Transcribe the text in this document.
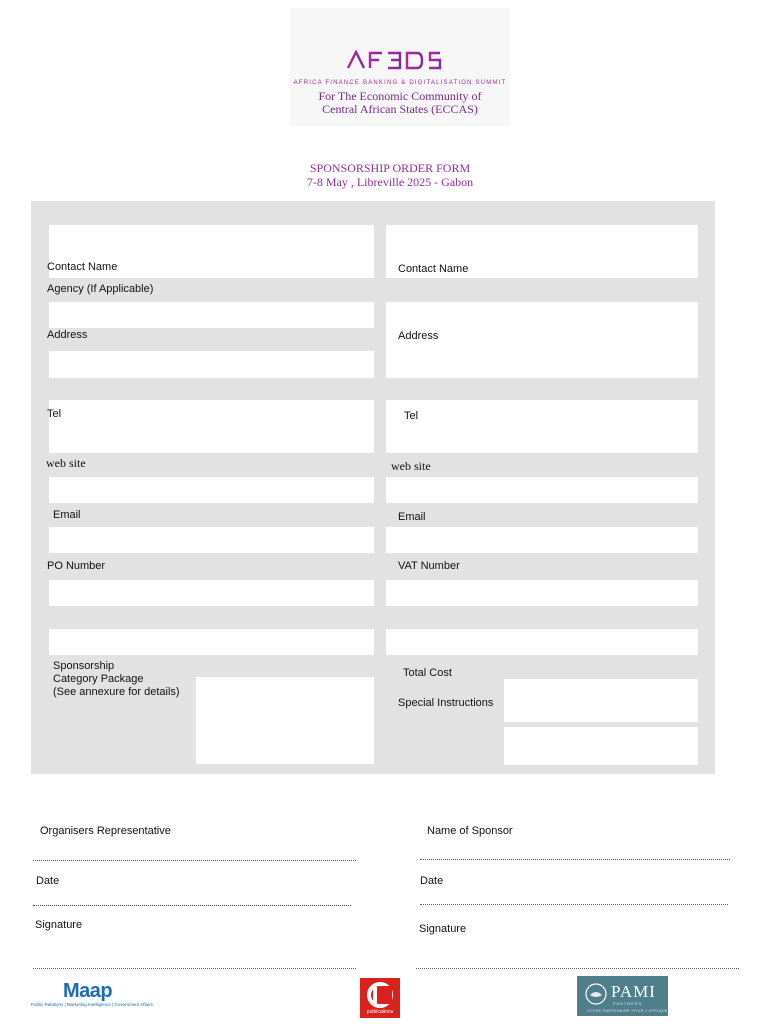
AFRICA FINANCE BANKING & DIGITALISATION SUMMIT
For The Economic Community of
Central African States (ECCAS)
SPONSORSHIP ORDER FORM
7-8 May , Libreville 2025 - Gabon
Contact Name
Agency (If Applicable)
Address
Tel
web site
Email
PO Number
Sponsorship
Category Package
(See annexure for details)
Contact Name
Address
Tel
web site
Email
VAT Number
Total Cost
Special Instructions
Organisers Representative
Date
Signature
Name of Sponsor
Date
Signature
Maap
Public Relations | Marketing Intelligence | Government Affairs
publications
PAMI
PARTNERS
VOTRE PARTENAIRE POUR L'AFRIQUE
